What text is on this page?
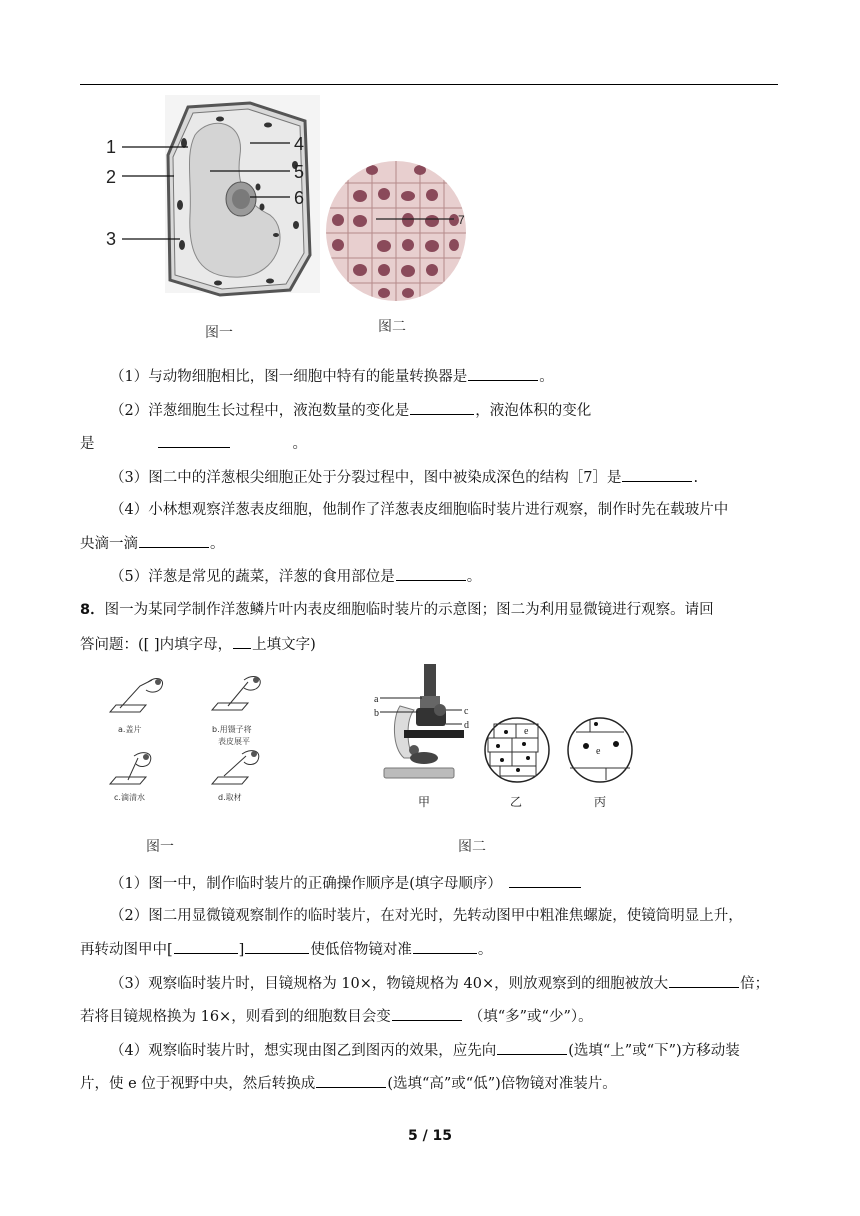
1
2
3
4
5
6
图一
7
图二
（1）与动物细胞相比，图一细胞中特有的能量转换器是	。
（2）洋葱细胞生长过程中，液泡数量的变化是	，液泡体积的变化
是	。
（3）图二中的洋葱根尖细胞正处于分裂过程中，图中被染成深色的结构［7］是	.
（4）小林想观察洋葱表皮细胞，他制作了洋葱表皮细胞临时装片进行观察，制作时先在载玻片中
央滴一滴	。
（5）洋葱是常见的蔬菜，洋葱的食用部位是	。
8．图一为某同学制作洋葱鳞片叶内表皮细胞临时装片的示意图；图二为利用显微镜进行观察。请回
答问题：([ ]内填字母， 上填文字)
a.盖片	b.用镊子将
表皮展平
c.滴清水	d.取材
图一
a
b	c
d
e
e
甲	乙	丙
图二
（1）图一中，制作临时装片的正确操作顺序是(填字母顺序）
（2）图二用显微镜观察制作的临时装片，在对光时，先转动图甲中粗准焦螺旋，使镜筒明显上升，
再转动图甲中[	]	使低倍物镜对准	。
（3）观察临时装片时，目镜规格为 10×，物镜规格为 40×，则放观察到的细胞被放大	倍；
若将目镜规格换为 16×，则看到的细胞数目会变	（填“多”或“少”）。
（4）观察临时装片时，想实现由图乙到图丙的效果，应先向	(选填“上”或“下”)方移动装
片，使 e 位于视野中央，然后转换成	(选填“高”或“低”)倍物镜对准装片。
5 / 15
